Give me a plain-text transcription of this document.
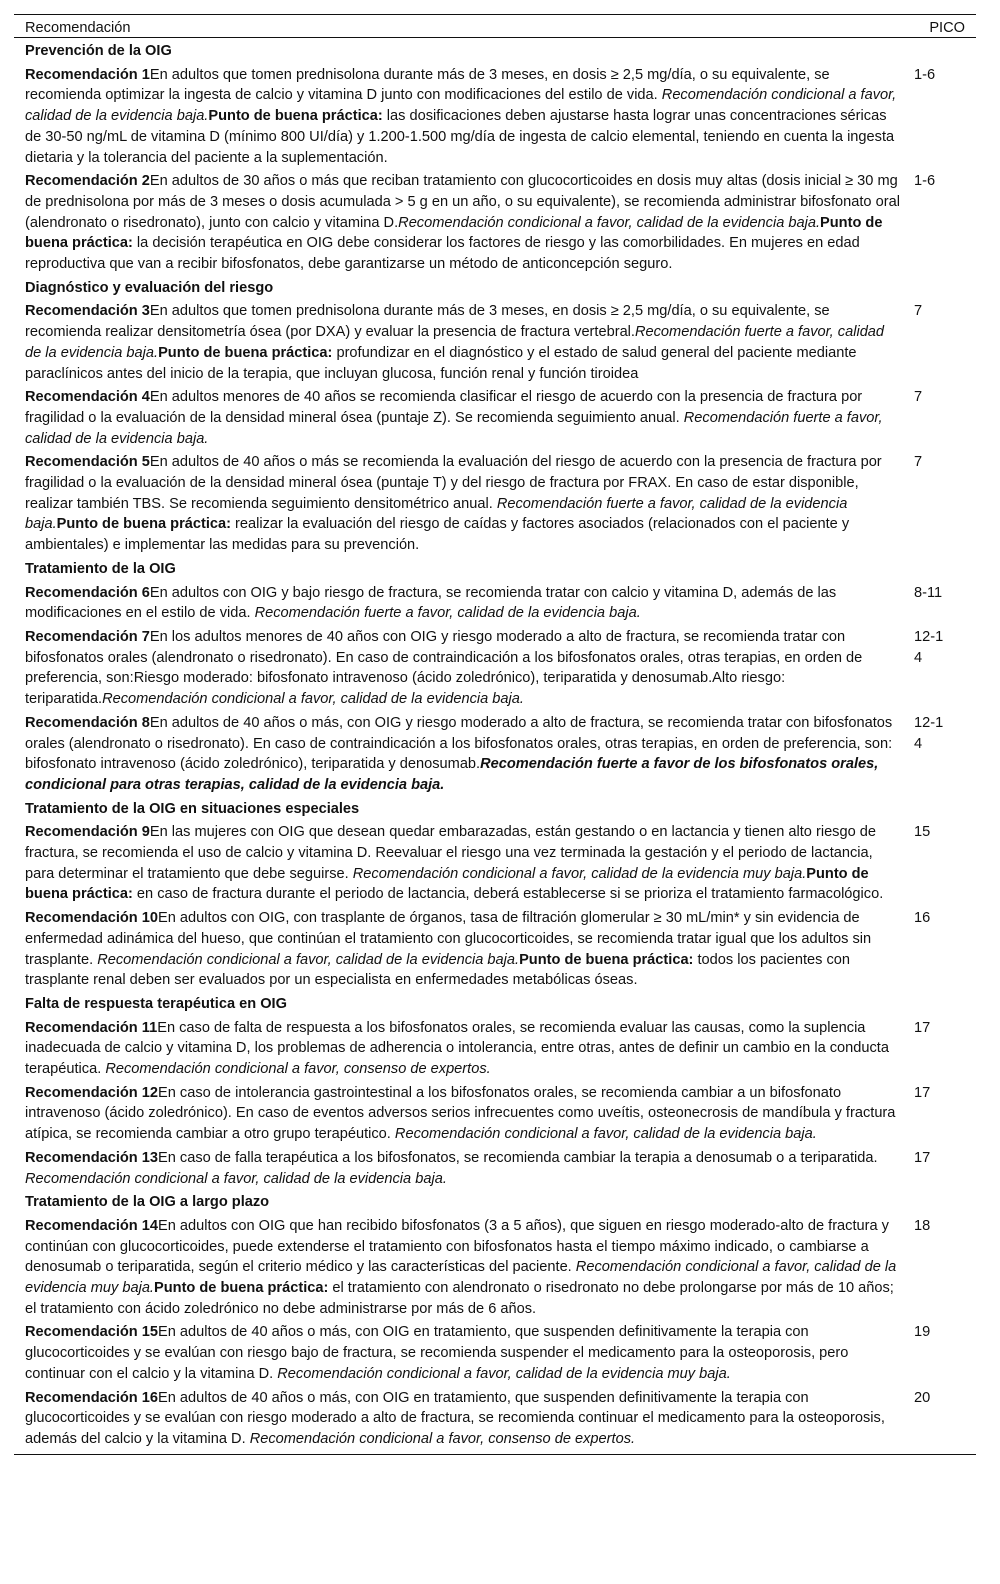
Recomendación	PICO
Prevención de la OIG
Recomendación 1En adultos que tomen prednisolona durante más de 3 meses, en dosis ≥ 2,5 mg/día, o su equivalente, se recomienda optimizar la ingesta de calcio y vitamina D junto con modificaciones del estilo de vida. Recomendación condicional a favor, calidad de la evidencia baja.Punto de buena práctica: las dosificaciones deben ajustarse hasta lograr unas concentraciones séricas de 30-50 ng/mL de vitamina D (mínimo 800 UI/día) y 1.200-1.500 mg/día de ingesta de calcio elemental, teniendo en cuenta la ingesta dietaria y la tolerancia del paciente a la suplementación.
1-6
Recomendación 2En adultos de 30 años o más que reciban tratamiento con glucocorticoides en dosis muy altas (dosis inicial ≥ 30 mg de prednisolona por más de 3 meses o dosis acumulada > 5 g en un año, o su equivalente), se recomienda administrar bifosfonato oral (alendronato o risedronato), junto con calcio y vitamina D.Recomendación condicional a favor, calidad de la evidencia baja.Punto de buena práctica: la decisión terapéutica en OIG debe considerar los factores de riesgo y las comorbilidades. En mujeres en edad reproductiva que van a recibir bifosfonatos, debe garantizarse un método de anticoncepción seguro.
1-6
Diagnóstico y evaluación del riesgo
Recomendación 3En adultos que tomen prednisolona durante más de 3 meses, en dosis ≥ 2,5 mg/día, o su equivalente, se recomienda realizar densitometría ósea (por DXA) y evaluar la presencia de fractura vertebral.Recomendación fuerte a favor, calidad de la evidencia baja.Punto de buena práctica: profundizar en el diagnóstico y el estado de salud general del paciente mediante paraclínicos antes del inicio de la terapia, que incluyan glucosa, función renal y función tiroidea
7
Recomendación 4En adultos menores de 40 años se recomienda clasificar el riesgo de acuerdo con la presencia de fractura por fragilidad o la evaluación de la densidad mineral ósea (puntaje Z). Se recomienda seguimiento anual. Recomendación fuerte a favor, calidad de la evidencia baja.
7
Recomendación 5En adultos de 40 años o más se recomienda la evaluación del riesgo de acuerdo con la presencia de fractura por fragilidad o la evaluación de la densidad mineral ósea (puntaje T) y del riesgo de fractura por FRAX. En caso de estar disponible, realizar también TBS. Se recomienda seguimiento densitométrico anual. Recomendación fuerte a favor, calidad de la evidencia baja.Punto de buena práctica: realizar la evaluación del riesgo de caídas y factores asociados (relacionados con el paciente y ambientales) e implementar las medidas para su prevención.
7
Tratamiento de la OIG
Recomendación 6En adultos con OIG y bajo riesgo de fractura, se recomienda tratar con calcio y vitamina D, además de las modificaciones en el estilo de vida. Recomendación fuerte a favor, calidad de la evidencia baja.
8-11
Recomendación 7En los adultos menores de 40 años con OIG y riesgo moderado a alto de fractura, se recomienda tratar con bifosfonatos orales (alendronato o risedronato). En caso de contraindicación a los bifosfonatos orales, otras terapias, en orden de preferencia, son:Riesgo moderado: bifosfonato intravenoso (ácido zoledrónico), teriparatida y denosumab.Alto riesgo: teriparatida.Recomendación condicional a favor, calidad de la evidencia baja.
12-14
Recomendación 8En adultos de 40 años o más, con OIG y riesgo moderado a alto de fractura, se recomienda tratar con bifosfonatos orales (alendronato o risedronato). En caso de contraindicación a los bifosfonatos orales, otras terapias, en orden de preferencia, son: bifosfonato intravenoso (ácido zoledrónico), teriparatida y denosumab.Recomendación fuerte a favor de los bifosfonatos orales, condicional para otras terapias, calidad de la evidencia baja.
12-14
Tratamiento de la OIG en situaciones especiales
Recomendación 9En las mujeres con OIG que desean quedar embarazadas, están gestando o en lactancia y tienen alto riesgo de fractura, se recomienda el uso de calcio y vitamina D. Reevaluar el riesgo una vez terminada la gestación y el periodo de lactancia, para determinar el tratamiento que debe seguirse. Recomendación condicional a favor, calidad de la evidencia muy baja.Punto de buena práctica: en caso de fractura durante el periodo de lactancia, deberá establecerse si se prioriza el tratamiento farmacológico.
15
Recomendación 10En adultos con OIG, con trasplante de órganos, tasa de filtración glomerular ≥ 30 mL/min* y sin evidencia de enfermedad adinámica del hueso, que continúan el tratamiento con glucocorticoides, se recomienda tratar igual que los adultos sin trasplante. Recomendación condicional a favor, calidad de la evidencia baja.Punto de buena práctica: todos los pacientes con trasplante renal deben ser evaluados por un especialista en enfermedades metabólicas óseas.
16
Falta de respuesta terapéutica en OIG
Recomendación 11En caso de falta de respuesta a los bifosfonatos orales, se recomienda evaluar las causas, como la suplencia inadecuada de calcio y vitamina D, los problemas de adherencia o intolerancia, entre otras, antes de definir un cambio en la conducta terapéutica. Recomendación condicional a favor, consenso de expertos.
17
Recomendación 12En caso de intolerancia gastrointestinal a los bifosfonatos orales, se recomienda cambiar a un bifosfonato intravenoso (ácido zoledrónico). En caso de eventos adversos serios infrecuentes como uveítis, osteonecrosis de mandíbula y fractura atípica, se recomienda cambiar a otro grupo terapéutico. Recomendación condicional a favor, calidad de la evidencia baja.
17
Recomendación 13En caso de falla terapéutica a los bifosfonatos, se recomienda cambiar la terapia a denosumab o a teriparatida. Recomendación condicional a favor, calidad de la evidencia baja.
17
Tratamiento de la OIG a largo plazo
Recomendación 14En adultos con OIG que han recibido bifosfonatos (3 a 5 años), que siguen en riesgo moderado-alto de fractura y continúan con glucocorticoides, puede extenderse el tratamiento con bifosfonatos hasta el tiempo máximo indicado, o cambiarse a denosumab o teriparatida, según el criterio médico y las características del paciente. Recomendación condicional a favor, calidad de la evidencia muy baja.Punto de buena práctica: el tratamiento con alendronato o risedronato no debe prolongarse por más de 10 años; el tratamiento con ácido zoledrónico no debe administrarse por más de 6 años.
18
Recomendación 15En adultos de 40 años o más, con OIG en tratamiento, que suspenden definitivamente la terapia con glucocorticoides y se evalúan con riesgo bajo de fractura, se recomienda suspender el medicamento para la osteoporosis, pero continuar con el calcio y la vitamina D. Recomendación condicional a favor, calidad de la evidencia muy baja.
19
Recomendación 16En adultos de 40 años o más, con OIG en tratamiento, que suspenden definitivamente la terapia con glucocorticoides y se evalúan con riesgo moderado a alto de fractura, se recomienda continuar el medicamento para la osteoporosis, además del calcio y la vitamina D. Recomendación condicional a favor, consenso de expertos.
20
